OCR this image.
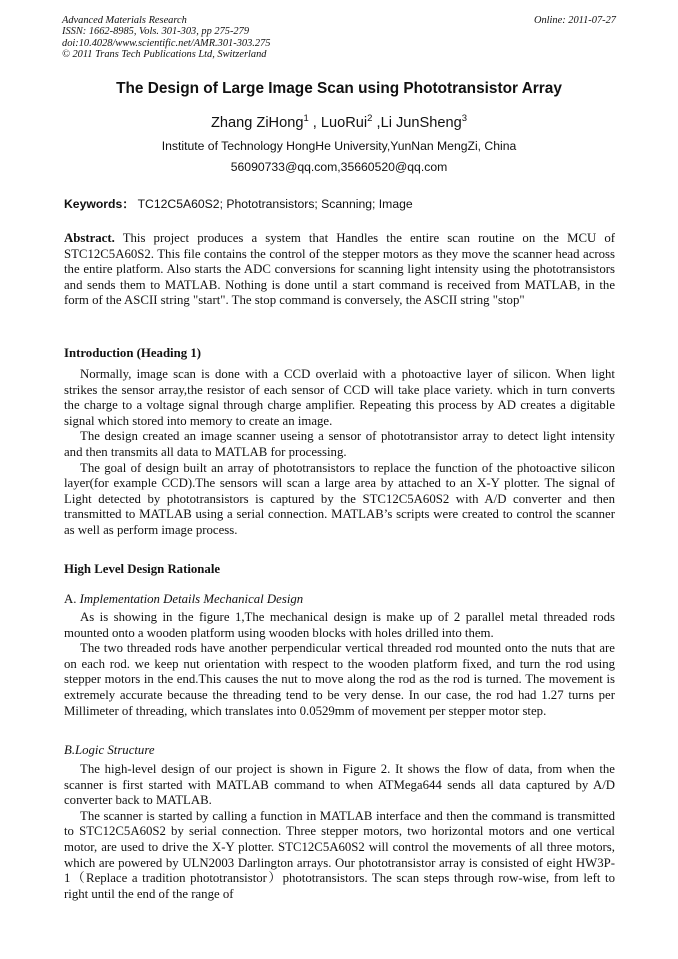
Advanced Materials Research
ISSN: 1662-8985, Vols. 301-303, pp 275-279
doi:10.4028/www.scientific.net/AMR.301-303.275
© 2011 Trans Tech Publications Ltd, Switzerland
Online: 2011-07-27
The Design of Large Image Scan using Phototransistor Array
Zhang ZiHong$^1$ , LuoRui$^2$ ,Li JunSheng$^3$
Institute of Technology HongHe University,YunNan MengZi, China
56090733@qq.com,35660520@qq.com
Keywords： TC12C5A60S2; Phototransistors; Scanning; Image

Abstract. This project produces a system that Handles the entire scan routine on the MCU of STC12C5A60S2. This file contains the control of the stepper motors as they move the scanner head across the entire platform. Also starts the ADC conversions for scanning light intensity using the phototransistors and sends them to MATLAB. Nothing is done until a start command is received from MATLAB, in the form of the ASCII string "start". The stop command is conversely, the ASCII string "stop"

Introduction (Heading 1)

Normally, image scan is done with a CCD overlaid with a photoactive layer of silicon. When light strikes the sensor array,the resistor of each sensor of CCD will take place variety. which in turn converts the charge to a voltage signal through charge amplifier. Repeating this process by AD creates a digitable signal which stored into memory to create an image.

The design created an image scanner useing a sensor of phototransistor array to detect light intensity and then transmits all data to MATLAB for processing.

The goal of design built an array of phototransistors to replace the function of the photoactive silicon layer(for example CCD).The sensors will scan a large area by attached to an X-Y plotter. The signal of Light detected by phototransistors is captured by the STC12C5A60S2 with A/D converter and then transmitted to MATLAB using a serial connection. MATLAB’s scripts were created to control the scanner as well as perform image process.

High Level Design Rationale
A. Implementation Details Mechanical Design

As is showing in the figure 1,The mechanical design is make up of 2 parallel metal threaded rods mounted onto a wooden platform using wooden blocks with holes drilled into them.

The two threaded rods have another perpendicular vertical threaded rod mounted onto the nuts that are on each rod. we keep nut orientation with respect to the wooden platform fixed, and turn the rod using stepper motors in the end.This causes the nut to move along the rod as the rod is turned. The movement is extremely accurate because the threading tend to be very dense. In our case, the rod had 1.27 turns per Millimeter of threading, which translates into 0.0529mm of movement per stepper motor step.

B.Logic Structure

The high-level design of our project is shown in Figure 2. It shows the flow of data, from when the scanner is first started with MATLAB command to when ATMega644 sends all data captured by A/D converter back to MATLAB.

The scanner is started by calling a function in MATLAB interface and then the command is transmitted to STC12C5A60S2 by serial connection. Three stepper motors, two horizontal motors and one vertical motor, are used to drive the X-Y plotter. STC12C5A60S2 will control the movements of all three motors, which are powered by ULN2003 Darlington arrays. Our phototransistor array is consisted of eight HW3P-1（Replace a tradition phototransistor）phototransistors. The scan steps through row-wise, from left to right until the end of the range of
